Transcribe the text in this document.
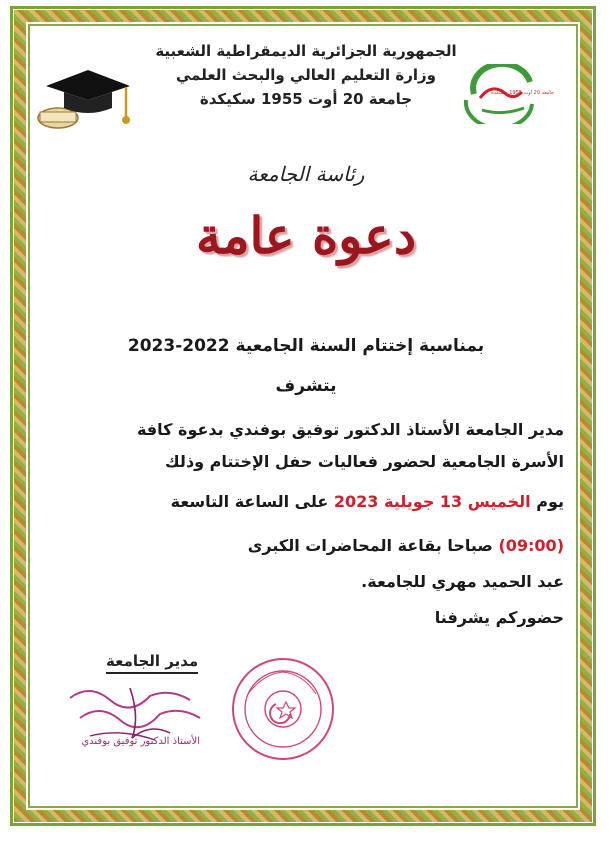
جامعة 20 أوت 1955 سكيكدة
الجمهورية الجزائرية الديمقراطية الشعبية
وزارة التعليم العالي والبحث العلمي
جامعة 20 أوت 1955 سكيكدة
رئاسة الجامعة
دعوة عامة
بمناسبة إختتام السنة الجامعية 2022-2023
يتشرف
مدير الجامعة الأستاذ الدكتور توفيق بوفندي بدعوة كافة
الأسرة الجامعية لحضور فعاليات حفل الإختتام وذلك
يوم الخميس 13 جويلية 2023 على الساعة التاسعة
(09:00) صباحا بقاعة المحاضرات الكبرى
عبد الحميد مهري للجامعة.
حضوركم يشرفنا
مدير الجامعة
الأستاذ الدكتور توفيق بوفندي
